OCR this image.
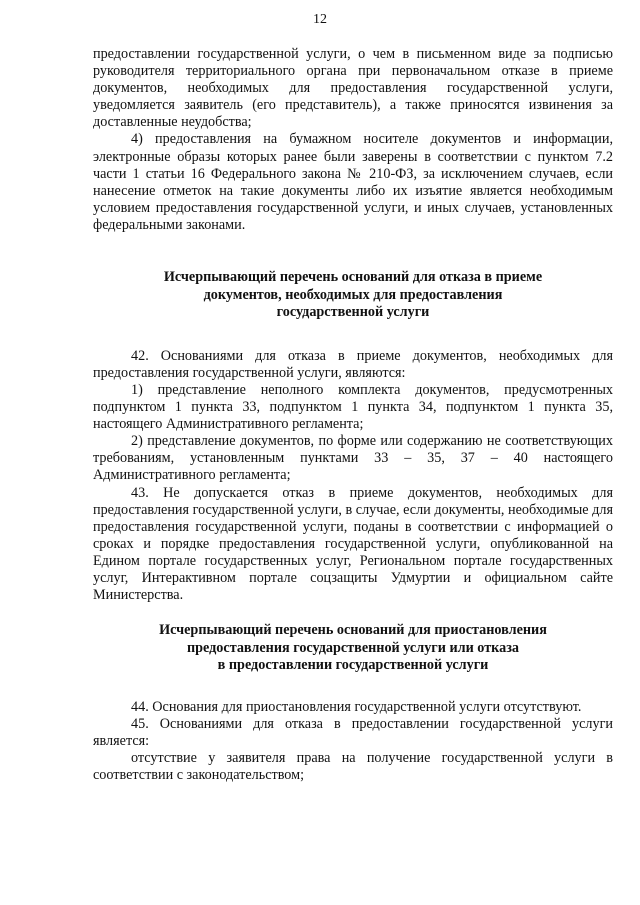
12

предоставлении государственной услуги, о чем в письменном виде за подписью руководителя территориального органа при первоначальном отказе в приеме документов, необходимых для предоставления государственной услуги, уведомляется заявитель (его представитель), а также приносятся извинения за доставленные неудобства;

4) предоставления на бумажном носителе документов и информации, электронные образы которых ранее были заверены в соответствии с пунктом 7.2 части 1 статьи 16 Федерального закона № 210-ФЗ, за исключением случаев, если нанесение отметок на такие документы либо их изъятие является необходимым условием предоставления государственной услуги, и иных случаев, установленных федеральными законами.

Исчерпывающий перечень оснований для отказа в приеме
документов, необходимых для предоставления
государственной услуги

42. Основаниями для отказа в приеме документов, необходимых для предоставления государственной услуги, являются:

1) представление неполного комплекта документов, предусмотренных подпунктом 1 пункта 33, подпунктом 1 пункта 34, подпунктом 1 пункта 35, настоящего Административного регламента;

2) представление документов, по форме или содержанию не соответствующих требованиям, установленным пунктами 33 – 35, 37 – 40 настоящего Административного регламента;

43. Не допускается отказ в приеме документов, необходимых для предоставления государственной услуги, в случае, если документы, необходимые для предоставления государственной услуги, поданы в соответствии с информацией о сроках и порядке предоставления государственной услуги, опубликованной на Едином портале государственных услуг, Региональном портале государственных услуг, Интерактивном портале соцзащиты Удмуртии и официальном сайте Министерства.

Исчерпывающий перечень оснований для приостановления
предоставления государственной услуги или отказа
в предоставлении государственной услуги

44. Основания для приостановления государственной услуги отсутствуют.

45. Основаниями для отказа в предоставлении государственной услуги является:

отсутствие у заявителя права на получение государственной услуги в соответствии с законодательством;
